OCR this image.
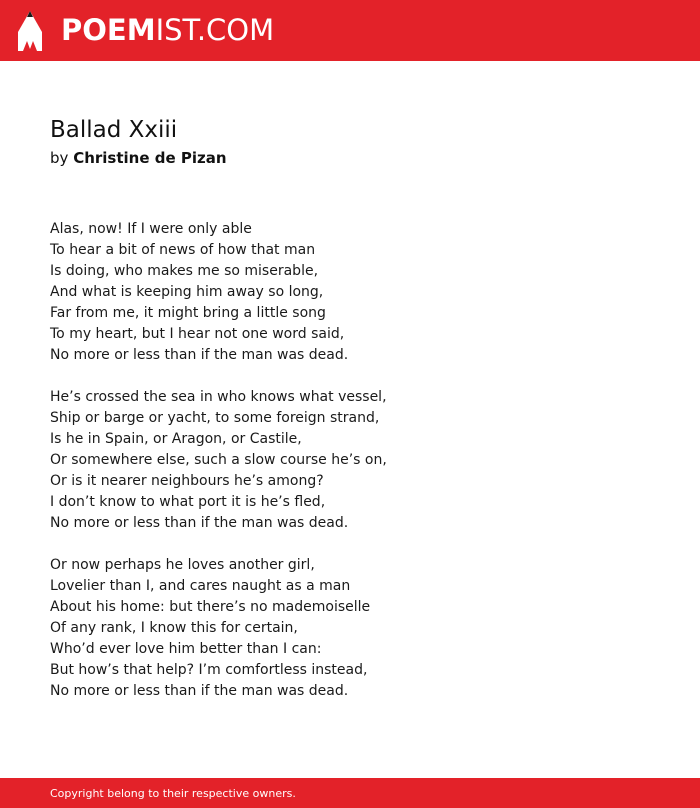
POEMIST.COM
Ballad Xxiii

by Christine de Pizan

Alas, now! If I were only able
To hear a bit of news of how that man
Is doing, who makes me so miserable,
And what is keeping him away so long,
Far from me, it might bring a little song
To my heart, but I hear not one word said,
No more or less than if the man was dead.
He’s crossed the sea in who knows what vessel,
Ship or barge or yacht, to some foreign strand,
Is he in Spain, or Aragon, or Castile,
Or somewhere else, such a slow course he’s on,
Or is it nearer neighbours he’s among?
I don’t know to what port it is he’s fled,
No more or less than if the man was dead.
Or now perhaps he loves another girl,
Lovelier than I, and cares naught as a man
About his home: but there’s no mademoiselle
Of any rank, I know this for certain,
Who’d ever love him better than I can:
But how’s that help? I’m comfortless instead,
No more or less than if the man was dead.
Copyright belong to their respective owners.
